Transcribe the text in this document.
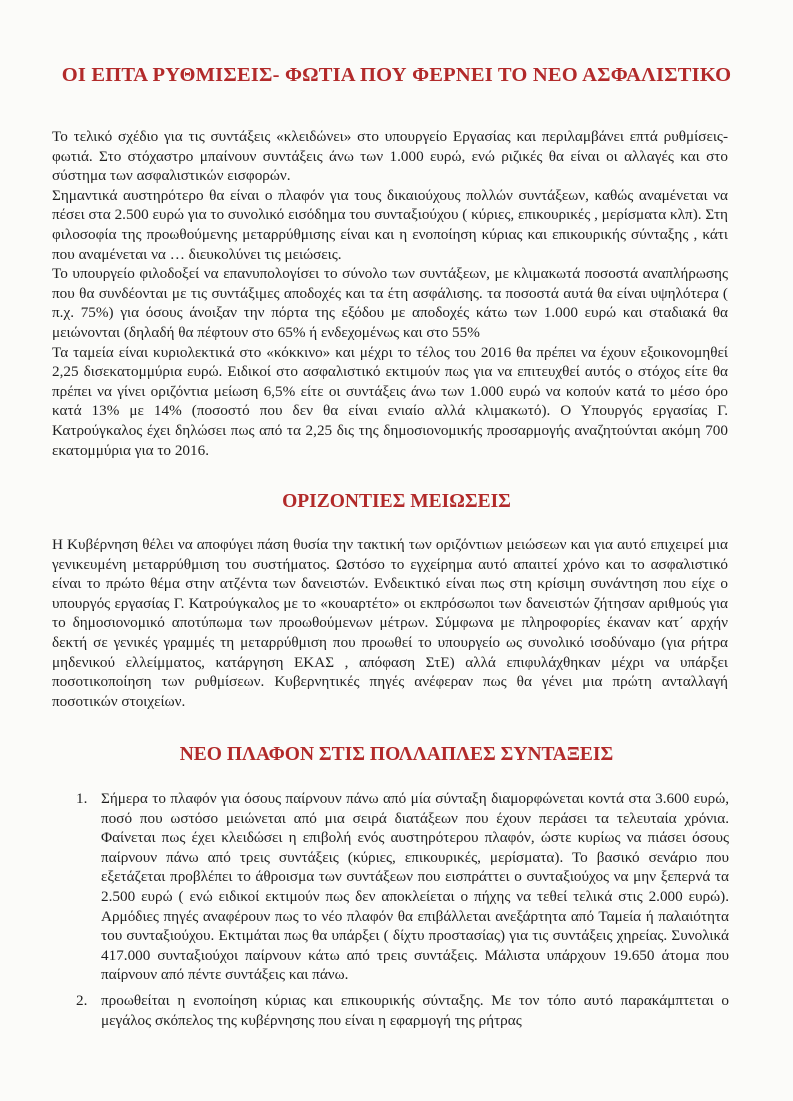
ΟΙ ΕΠΤΑ ΡΥΘΜΙΣΕΙΣ- ΦΩΤΙΑ ΠΟΥ ΦΕΡΝΕΙ ΤΟ ΝΕΟ ΑΣΦΑΛΙΣΤΙΚΟ

Το τελικό σχέδιο για τις συντάξεις «κλειδώνει» στο υπουργείο Εργασίας και περιλαμβάνει επτά ρυθμίσεις- φωτιά. Στο στόχαστρο μπαίνουν συντάξεις άνω των 1.000 ευρώ, ενώ ριζικές θα είναι οι αλλαγές και στο σύστημα των ασφαλιστικών εισφορών.

Σημαντικά αυστηρότερο θα είναι ο πλαφόν για τους δικαιούχους πολλών συντάξεων, καθώς αναμένεται να πέσει στα 2.500 ευρώ για το συνολικό εισόδημα του συνταξιούχου ( κύριες, επικουρικές , μερίσματα κλπ). Στη φιλοσοφία της προωθούμενης μεταρρύθμισης είναι και η ενοποίηση κύριας και επικουρικής σύνταξης , κάτι που αναμένεται να … διευκολύνει τις μειώσεις.

Το υπουργείο φιλοδοξεί να επανυπολογίσει το σύνολο των συντάξεων, με κλιμακωτά ποσοστά αναπλήρωσης που θα συνδέονται με τις συντάξιμες αποδοχές και τα έτη ασφάλισης. τα ποσοστά αυτά θα είναι υψηλότερα ( π.χ. 75%) για όσους άνοιξαν την πόρτα της εξόδου με αποδοχές κάτω των 1.000 ευρώ και σταδιακά θα μειώνονται (δηλαδή θα πέφτουν στο 65% ή ενδεχομένως και στο 55%

Τα ταμεία είναι κυριολεκτικά στο «κόκκινο» και μέχρι το τέλος του 2016 θα πρέπει να έχουν εξοικονομηθεί 2,25 δισεκατομμύρια ευρώ. Ειδικοί στο ασφαλιστικό εκτιμούν πως για να επιτευχθεί αυτός ο στόχος είτε θα πρέπει να γίνει οριζόντια μείωση 6,5% είτε οι συντάξεις άνω των 1.000 ευρώ να κοπούν κατά το μέσο όρο κατά 13% με 14% (ποσοστό που δεν θα είναι ενιαίο αλλά κλιμακωτό). Ο Υπουργός εργασίας Γ. Κατρούγκαλος έχει δηλώσει πως από τα 2,25 δις της δημοσιονομικής προσαρμογής αναζητούνται ακόμη 700 εκατομμύρια για το 2016.

ΟΡΙΖΟΝΤΙΕΣ ΜΕΙΩΣΕΙΣ

Η Κυβέρνηση θέλει να αποφύγει πάση θυσία την τακτική των οριζόντιων μειώσεων και για αυτό επιχειρεί μια γενικευμένη μεταρρύθμιση του συστήματος. Ωστόσο το εγχείρημα αυτό απαιτεί χρόνο και το ασφαλιστικό είναι το πρώτο θέμα στην ατζέντα των δανειστών. Ενδεικτικό είναι πως στη κρίσιμη συνάντηση που είχε ο υπουργός εργασίας Γ. Κατρούγκαλος με το «κουαρτέτο» οι εκπρόσωποι των δανειστών ζήτησαν αριθμούς για το δημοσιονομικό αποτύπωμα των προωθούμενων μέτρων. Σύμφωνα με πληροφορίες έκαναν κατ΄ αρχήν δεκτή σε γενικές γραμμές τη μεταρρύθμιση που προωθεί το υπουργείο ως συνολικό ισοδύναμο (για ρήτρα μηδενικού ελλείμματος, κατάργηση ΕΚΑΣ , απόφαση ΣτΕ) αλλά επιφυλάχθηκαν μέχρι να υπάρξει ποσοτικοποίηση των ρυθμίσεων. Κυβερνητικές πηγές ανέφεραν πως θα γένει μια πρώτη ανταλλαγή ποσοτικών στοιχείων.

ΝΕΟ ΠΛΑΦΟΝ ΣΤΙΣ ΠΟΛΛΑΠΛΕΣ ΣΥΝΤΑΞΕΙΣ
1. Σήμερα το πλαφόν για όσους παίρνουν πάνω από μία σύνταξη διαμορφώνεται κοντά στα 3.600 ευρώ, ποσό που ωστόσο μειώνεται από μια σειρά διατάξεων που έχουν περάσει τα τελευταία χρόνια. Φαίνεται πως έχει κλειδώσει η επιβολή ενός αυστηρότερου πλαφόν, ώστε κυρίως να πιάσει όσους παίρνουν πάνω από τρεις συντάξεις (κύριες, επικουρικές, μερίσματα). Το βασικό σενάριο που εξετάζεται προβλέπει το άθροισμα των συντάξεων που εισπράττει ο συνταξιούχος να μην ξεπερνά τα 2.500 ευρώ ( ενώ ειδικοί εκτιμούν πως δεν αποκλείεται ο πήχης να τεθεί τελικά στις 2.000 ευρώ). Αρμόδιες πηγές αναφέρουν πως το νέο πλαφόν θα επιβάλλεται ανεξάρτητα από Ταμεία ή παλαιότητα του συνταξιούχου. Εκτιμάται πως θα υπάρξει ( δίχτυ προστασίας) για τις συντάξεις χηρείας. Συνολικά 417.000 συνταξιούχοι παίρνουν κάτω από τρεις συντάξεις. Μάλιστα υπάρχουν 19.650 άτομα που παίρνουν από πέντε συντάξεις και πάνω.
2. προωθείται η ενοποίηση κύριας και επικουρικής σύνταξης. Με τον τόπο αυτό παρακάμπτεται ο μεγάλος σκόπελος της κυβέρνησης που είναι η εφαρμογή της ρήτρας
